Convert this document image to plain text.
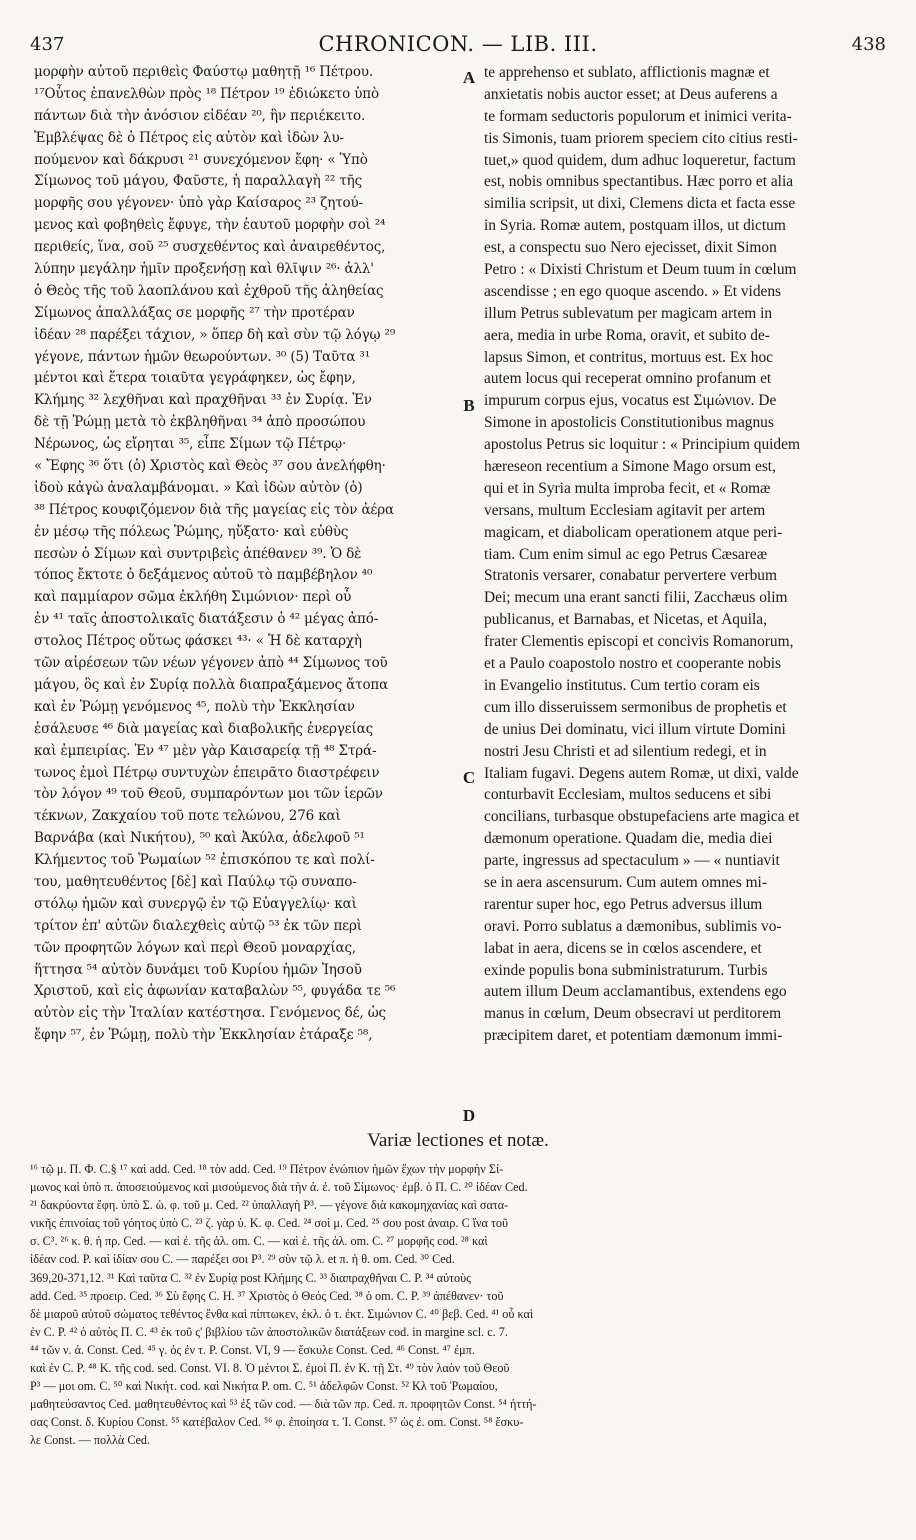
437	CHRONICON. — LIB. III.	438
μορφὴν αὐτοῦ περιθεὶς Φαύστῳ μαθητῇ ¹⁶ Πέτρου.
¹⁷Οὗτος ἐπανελθὼν πρὸς ¹⁸ Πέτρον ¹⁹ ἐδιώκετο ὑπὸ
πάντων διὰ τὴν ἀνόσιον εἰδέαν ²⁰, ἣν περιέκειτο.
Ἐμβλέψας δὲ ὁ Πέτρος εἰς αὐτὸν καὶ ἰδὼν λυ-
πούμενον καὶ δάκρυσι ²¹ συνεχόμενον ἔφη· « Ὑπὸ
Σίμωνος τοῦ μάγου, Φαῦστε, ἡ παραλλαγὴ ²² τῆς
μορφῆς σου γέγονεν· ὑπὸ γὰρ Καίσαρος ²³ ζητού-
μενος καὶ φοβηθεὶς ἔφυγε, τὴν ἑαυτοῦ μορφὴν σοὶ ²⁴
περιθείς, ἵνα, σοῦ ²⁵ συσχεθέντος καὶ ἀναιρεθέντος,
λύπην μεγάλην ἡμῖν προξενήσῃ καὶ θλῖψιν ²⁶· ἀλλ'
ὁ Θεὸς τῆς τοῦ λαοπλάνου καὶ ἐχθροῦ τῆς ἀληθείας
Σίμωνος ἀπαλλάξας σε μορφῆς ²⁷ τὴν προτέραν
ἰδέαν ²⁸ παρέξει τάχιον, » ὅπερ δὴ καὶ σὺν τῷ λόγῳ ²⁹
γέγονε, πάντων ἡμῶν θεωρούντων. ³⁰ (5) Ταῦτα ³¹
μέντοι καὶ ἕτερα τοιαῦτα γεγράφηκεν, ὡς ἔφην,
Κλήμης ³² λεχθῆναι καὶ πραχθῆναι ³³ ἐν Συρίᾳ. Ἐν
δὲ τῇ Ῥώμῃ μετὰ τὸ ἐκβληθῆναι ³⁴ ἀπὸ προσώπου
Νέρωνος, ὡς εἴρηται ³⁵, εἶπε Σίμων τῷ Πέτρῳ·
« Ἔφης ³⁶ ὅτι (ὁ) Χριστὸς καὶ Θεὸς ³⁷ σου ἀνελήφθη·
ἰδοὺ κἀγὼ ἀναλαμβάνομαι. » Καὶ ἰδὼν αὐτὸν (ὁ)
³⁸ Πέτρος κουφιζόμενον διὰ τῆς μαγείας εἰς τὸν ἀέρα
ἐν μέσῳ τῆς πόλεως Ῥώμης, ηὔξατο· καὶ εὐθὺς
πεσὼν ὁ Σίμων καὶ συντριβεὶς ἀπέθανεν ³⁹. Ὁ δὲ
τόπος ἔκτοτε ὁ δεξάμενος αὐτοῦ τὸ παμβέβηλον ⁴⁰
καὶ παμμίαρον σῶμα ἐκλήθη Σιμώνιον· περὶ οὗ
ἐν ⁴¹ ταῖς ἀποστολικαῖς διατάξεσιν ὁ ⁴² μέγας ἀπό-
στολος Πέτρος οὕτως φάσκει ⁴³· « Ἡ δὲ καταρχὴ
τῶν αἱρέσεων τῶν νέων γέγονεν ἀπὸ ⁴⁴ Σίμωνος τοῦ
μάγου, ὃς καὶ ἐν Συρίᾳ πολλὰ διαπραξάμενος ἄτοπα
καὶ ἐν Ῥώμῃ γενόμενος ⁴⁵, πολὺ τὴν Ἐκκλησίαν
ἐσάλευσε ⁴⁶ διὰ μαγείας καὶ διαβολικῆς ἐνεργείας
καὶ ἐμπειρίας. Ἐν ⁴⁷ μὲν γὰρ Καισαρείᾳ τῇ ⁴⁸ Στρά-
τωνος ἐμοὶ Πέτρῳ συντυχὼν ἐπειρᾶτο διαστρέφειν
τὸν λόγον ⁴⁹ τοῦ Θεοῦ, συμπαρόντων μοι τῶν ἱερῶν
τέκνων, Ζακχαίου τοῦ ποτε τελώνου, 276 καὶ
Βαρνάβα (καὶ Νικήτου), ⁵⁰ καὶ Ἀκύλα, ἀδελφοῦ ⁵¹
Κλήμεντος τοῦ Ῥωμαίων ⁵² ἐπισκόπου τε καὶ πολί-
του, μαθητευθέντος [δὲ] καὶ Παύλῳ τῷ συναπο-
στόλῳ ἡμῶν καὶ συνεργῷ ἐν τῷ Εὐαγγελίῳ· καὶ
τρίτον ἐπ' αὐτῶν διαλεχθεὶς αὐτῷ ⁵³ ἐκ τῶν περὶ
τῶν προφητῶν λόγων καὶ περὶ Θεοῦ μοναρχίας,
ἥττησα ⁵⁴ αὐτὸν δυνάμει τοῦ Κυρίου ἡμῶν Ἰησοῦ
Χριστοῦ, καὶ εἰς ἀφωνίαν καταβαλὼν ⁵⁵, φυγάδα τε ⁵⁶
αὐτὸν εἰς τὴν Ἰταλίαν κατέστησα. Γενόμενος δέ, ὡς
ἔφην ⁵⁷, ἐν Ῥώμῃ, πολὺ τὴν Ἐκκλησίαν ἐτάραξε ⁵⁸,
te apprehenso et sublato, afflictionis magnæ et
anxietatis nobis auctor esset; at Deus auferens a
te formam seductoris populorum et inimici verita-
tis Simonis, tuam priorem speciem cito citius resti-
tuet,» quod quidem, dum adhuc loqueretur, factum
est, nobis omnibus spectantibus. Hæc porro et alia
similia scripsit, ut dixi, Clemens dicta et facta esse
in Syria. Romæ autem, postquam illos, ut dictum
est, a conspectu suo Nero ejecisset, dixit Simon
Petro : « Dixisti Christum et Deum tuum in cœlum
ascendisse ; en ego quoque ascendo. » Et videns
illum Petrus sublevatum per magicam artem in
aera, media in urbe Roma, oravit, et subito de-
lapsus Simon, et contritus, mortuus est. Ex hoc
autem locus qui receperat omnino profanum et
impurum corpus ejus, vocatus est Σιμώνιον. De
Simone in apostolicis Constitutionibus magnus
apostolus Petrus sic loquitur : « Principium quidem
hæreseon recentium a Simone Mago orsum est,
qui et in Syria multa improba fecit, et « Romæ
versans, multum Ecclesiam agitavit per artem
magicam, et diabolicam operationem atque peri-
tiam. Cum enim simul ac ego Petrus Cæsareæ
Stratonis versarer, conabatur pervertere verbum
Dei; mecum una erant sancti filii, Zacchæus olim
publicanus, et Barnabas, et Nicetas, et Aquila,
frater Clementis episcopi et concivis Romanorum,
et a Paulo coapostolo nostro et cooperante nobis
in Evangelio institutus. Cum tertio coram eis
cum illo disseruissem sermonibus de prophetis et
de unius Dei dominatu, vici illum virtute Domini
nostri Jesu Christi et ad silentium redegi, et in
Italiam fugavi. Degens autem Romæ, ut dixi, valde
conturbavit Ecclesiam, multos seducens et sibi
concilians, turbasque obstupefaciens arte magica et
dæmonum operatione. Quadam die, media diei
parte, ingressus ad spectaculum » — « nuntiavit
se in aera ascensurum. Cum autem omnes mi-
rarentur super hoc, ego Petrus adversus illum
oravi. Porro sublatus a dæmonibus, sublimis vo-
labat in aera, dicens se in cœlos ascendere, et
exinde populis bona subministraturum. Turbis
autem illum Deum acclamantibus, extendens ego
manus in cœlum, Deum obsecravi ut perditorem
præcipitem daret, et potentiam dæmonum immi-
A
B
C
D
Variæ lectiones et notæ.
¹⁶ τῷ μ. Π. Φ. C.§ ¹⁷ καὶ add. Ced. ¹⁸ τὸν add. Ced. ¹⁹ Πέτρον ἐνώπιον ἡμῶν ἔχων τὴν μορφὴν Σί-
μωνος καὶ ὑπὸ π. ἀποσειούμενος καὶ μισούμενος διὰ τὴν ἀ. ἐ. τοῦ Σίμωνος· ἐμβ. ὁ Π. C. ²⁰ ἰδέαν Ced.
²¹ δακρύοντα ἔφη. ὑπὸ Σ. ὡ. φ. τοῦ μ. Ced. ²² ὑπαλλαγὴ P³. — γέγονε διὰ κακομηχανίας καὶ σατα-
νικῆς ἐπινοίας τοῦ γόητος ὑπὸ C. ²³ ζ. γὰρ ὑ. K. φ. Ced. ²⁴ σοὶ μ. Ced. ²⁵ σου post ἀναιρ. C ἵνα τοῦ
σ. C³. ²⁶ κ. θ. ἡ πρ. Ced. — καὶ ἐ. τῆς ἀλ. om. C. — καὶ ἐ. τῆς ἀλ. om. C. ²⁷ μορφῆς cod. ²⁸ καὶ
ἰδέαν cod. P. καὶ ἰδίαν σου C. — παρέξει σοι P³. ²⁹ σὺν τῷ λ. et π. ἡ θ. om. Ced. ³⁰ Ced.
369,20-371,12. ³¹ Καὶ ταῦτα C. ³² ἐν Συρίᾳ post Κλήμης C. ³³ διαπραχθῆναι C. P. ³⁴ αὐτοὺς
add. Ced. ³⁵ προειρ. Ced. ³⁶ Σὺ ἔφης C. H. ³⁷ Χριστὸς ὁ Θεός Ced. ³⁸ ὁ om. C. P. ³⁹ ἀπέθανεν· τοῦ
δὲ μιαροῦ αὐτοῦ σώματος τεθέντος ἔνθα καὶ πίπτωκεν, ἐκλ. ὁ τ. ἐκτ. Σιμώνιον C. ⁴⁰ βεβ. Ced. ⁴¹ οὗ καὶ
ἐν C. P. ⁴² ὁ αὐτὸς Π. C. ⁴³ ἐκ τοῦ ς' βιβλίου τῶν ἀποστολικῶν διατάξεων cod. in margine scl. c. 7.
⁴⁴ τῶν ν. ἀ. Const. Ced. ⁴⁵ γ. ὁς ἐν τ. P. Const. VI, 9 — ἔσκυλε Const. Ced. ⁴⁶ Const. ⁴⁷ ἐμπ.
καὶ ἐν C. P. ⁴⁸ K. τῆς cod. sed. Const. VI. 8. Ὁ μέντοι Σ. ἐμοὶ Π. ἐν K. τῇ Στ. ⁴⁹ τὸν λαὸν τοῦ Θεοῦ
P³ — μοι om. C. ⁵⁰ καὶ Νικήτ. cod. καὶ Νικήτα P. om. C. ⁵¹ ἀδελφῶν Const. ⁵² Κλ τοῦ Ῥωμαίου,
μαθητεύσαντος Ced. μαθητευθέντος καὶ ⁵³ ἐξ τῶν cod. — διὰ τῶν πρ. Ced. π. προφητῶν Const. ⁵⁴ ἡττή-
σας Const. δ. Κυρίου Const. ⁵⁵ κατέβαλον Ced. ⁵⁶ φ. ἐποίησα τ. Ἰ. Const. ⁵⁷ ὡς ἐ. om. Const. ⁵⁸ ἔσκυ-
λε Const. — πολλὰ Ced.
